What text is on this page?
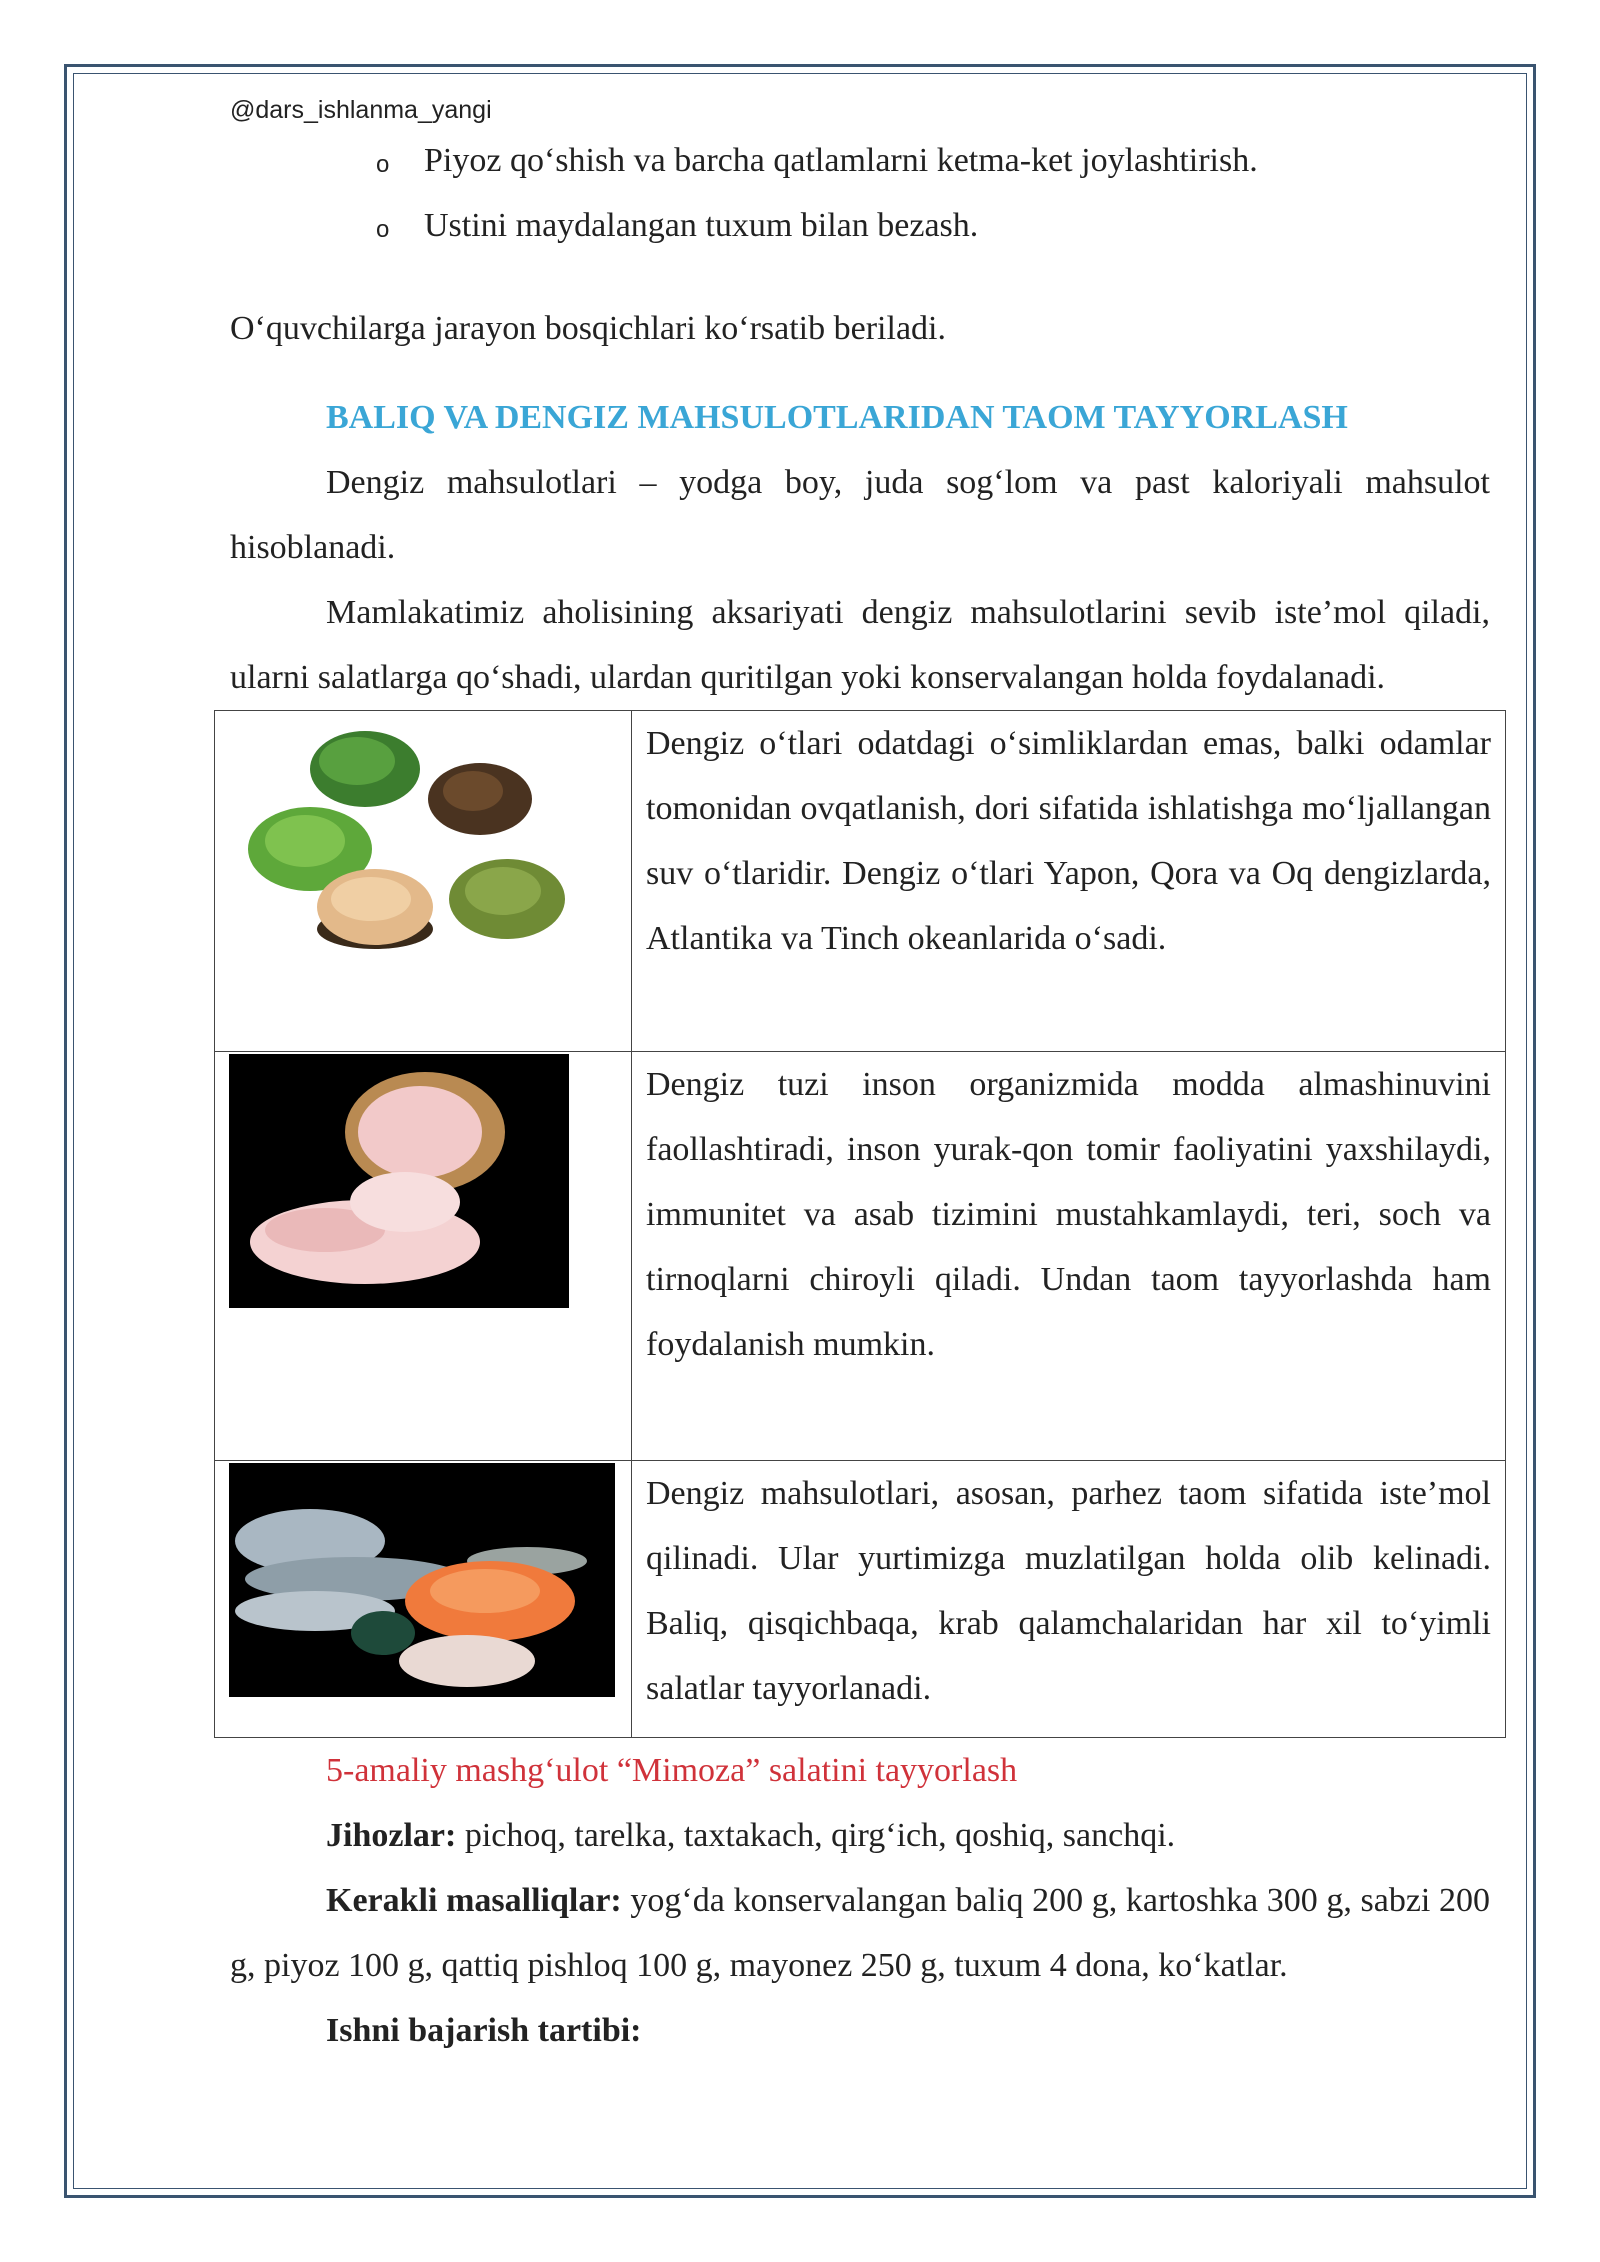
@dars_ishlanma_yangi
o Piyoz qo‘shish va barcha qatlamlarni ketma-ket joylashtirish.
o Ustini maydalangan tuxum bilan bezash.

O‘quvchilarga jarayon bosqichlari ko‘rsatib beriladi.

BALIQ VA DENGIZ MAHSULOTLARIDAN TAOM TAYYORLASH

Dengiz mahsulotlari – yodga boy, juda sog‘lom va past kaloriyali mahsulot hisoblanadi.

Mamlakatimiz aholisining aksariyati dengiz mahsulotlarini sevib iste’mol qiladi, ularni salatlarga qo‘shadi, ulardan quritilgan yoki konservalangan holda foydalanadi.

Dengiz o‘tlari odatdagi o‘simliklardan emas, balki odamlar tomonidan ovqatlanish, dori sifatida ishlatishga mo‘ljallangan suv o‘tlaridir. Dengiz o‘tlari Yapon, Qora va Oq dengizlarda, Atlantika va Tinch okeanlarida o‘sadi.

Dengiz tuzi inson organizmida modda almashinuvini faollashtiradi, inson yurak-qon tomir faoliyatini yaxshilaydi, immunitet va asab tizimini mustahkamlaydi, teri, soch va tirnoqlarni chiroyli qiladi. Undan taom tayyorlashda ham foydalanish mumkin.

Dengiz mahsulotlari, asosan, parhez taom sifatida iste’mol qilinadi. Ular yurtimizga muzlatilgan holda olib kelinadi. Baliq, qisqichbaqa, krab qalamchalaridan har xil to‘yimli salatlar tayyorlanadi.

5-amaliy mashg‘ulot “Mimoza” salatini tayyorlash

Jihozlar: pichoq, tarelka, taxtakach, qirg‘ich, qoshiq, sanchqi.

Kerakli masalliqlar: yog‘da konservalangan baliq 200 g, kartoshka 300 g, sabzi 200 g, piyoz 100 g, qattiq pishloq 100 g, mayonez 250 g, tuxum 4 dona, ko‘katlar.

Ishni bajarish tartibi:
